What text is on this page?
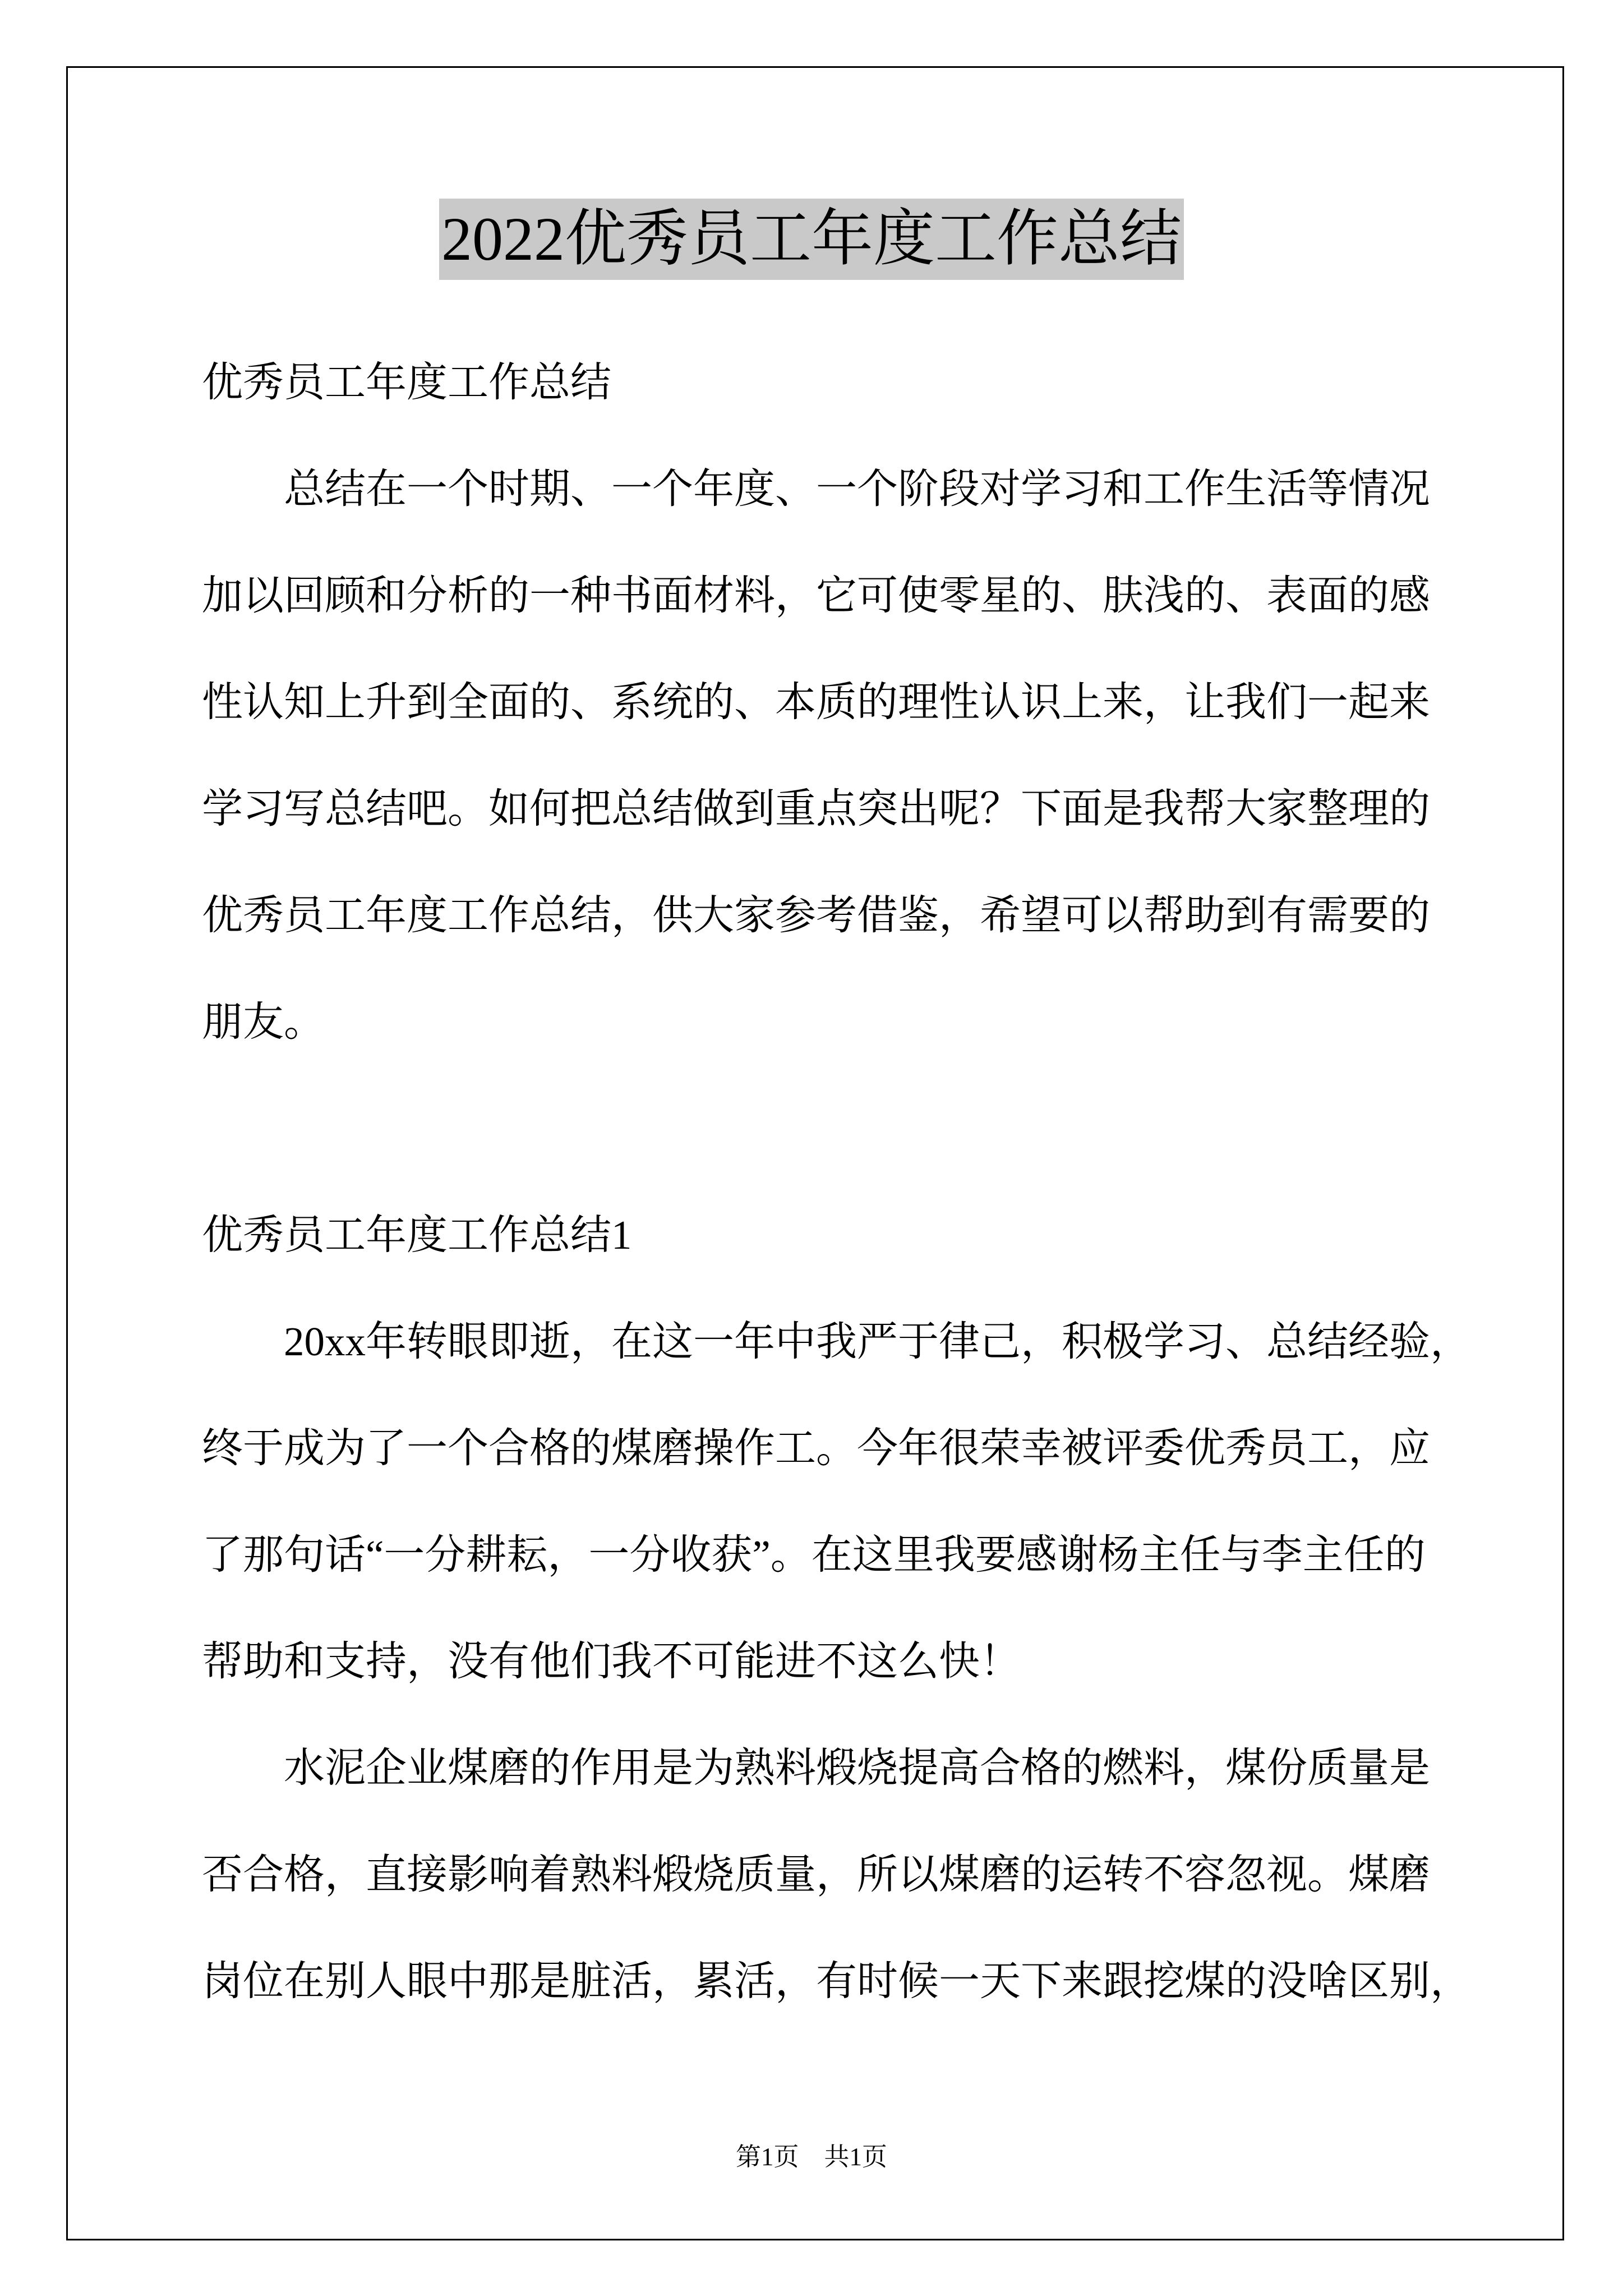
2022优秀员工年度工作总结
优秀员工年度工作总结
总结在一个时期、一个年度、一个阶段对学习和工作生活等情况
加以回顾和分析的一种书面材料，它可使零星的、肤浅的、表面的感
性认知上升到全面的、系统的、本质的理性认识上来，让我们一起来
学习写总结吧。如何把总结做到重点突出呢？下面是我帮大家整理的
优秀员工年度工作总结，供大家参考借鉴，希望可以帮助到有需要的
朋友。
优秀员工年度工作总结1
20xx年转眼即逝，在这一年中我严于律己，积极学习、总结经验，
终于成为了一个合格的煤磨操作工。今年很荣幸被评委优秀员工，应
了那句话“一分耕耘，一分收获”。在这里我要感谢杨主任与李主任的
帮助和支持，没有他们我不可能进不这么快！
水泥企业煤磨的作用是为熟料煅烧提高合格的燃料，煤份质量是
否合格，直接影响着熟料煅烧质量，所以煤磨的运转不容忽视。煤磨
岗位在别人眼中那是脏活，累活，有时候一天下来跟挖煤的没啥区别，
第1页　共1页
